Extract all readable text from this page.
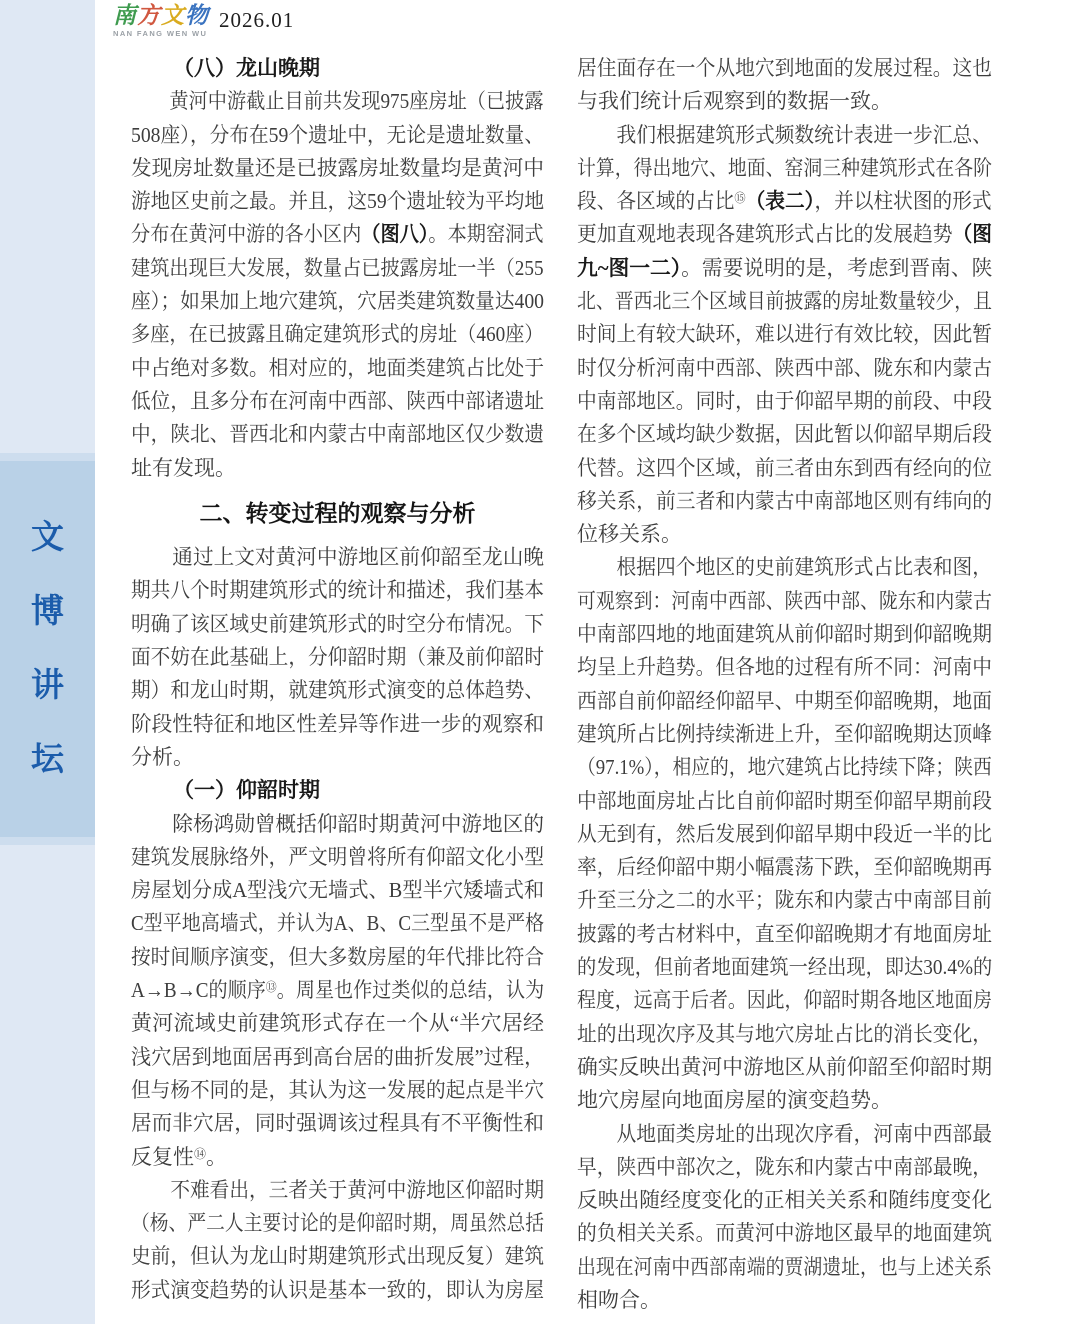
文
博
讲
坛
南方文物
NAN FANG WEN WU
2026.01
（八）龙山晚期
黄河中游截止目前共发现975座房址（已披露
508座），分布在59个遗址中，无论是遗址数量、
发现房址数量还是已披露房址数量均是黄河中
游地区史前之最。并且，这59个遗址较为平均地
分布在黄河中游的各小区内（图八）。本期窑洞式
建筑出现巨大发展，数量占已披露房址一半（255
座）；如果加上地穴建筑，穴居类建筑数量达400
多座，在已披露且确定建筑形式的房址（460座）
中占绝对多数。相对应的，地面类建筑占比处于
低位，且多分布在河南中西部、陕西中部诸遗址
中，陕北、晋西北和内蒙古中南部地区仅少数遗
址有发现。
二、转变过程的观察与分析
通过上文对黄河中游地区前仰韶至龙山晚
期共八个时期建筑形式的统计和描述，我们基本
明确了该区域史前建筑形式的时空分布情况。下
面不妨在此基础上，分仰韶时期（兼及前仰韶时
期）和龙山时期，就建筑形式演变的总体趋势、
阶段性特征和地区性差异等作进一步的观察和
分析。
（一）仰韶时期
除杨鸿勋曾概括仰韶时期黄河中游地区的
建筑发展脉络外，严文明曾将所有仰韶文化小型
房屋划分成A型浅穴无墙式、B型半穴矮墙式和
C型平地高墙式，并认为A、B、C三型虽不是严格
按时间顺序演变，但大多数房屋的年代排比符合
A→B→C的顺序⑬。周星也作过类似的总结，认为
黄河流域史前建筑形式存在一个从“半穴居经
浅穴居到地面居再到高台居的曲折发展”过程，
但与杨不同的是，其认为这一发展的起点是半穴
居而非穴居，同时强调该过程具有不平衡性和
反复性⑭。
不难看出，三者关于黄河中游地区仰韶时期
（杨、严二人主要讨论的是仰韶时期，周虽然总括
史前，但认为龙山时期建筑形式出现反复）建筑
形式演变趋势的认识是基本一致的，即认为房屋
居住面存在一个从地穴到地面的发展过程。这也
与我们统计后观察到的数据一致。
我们根据建筑形式频数统计表进一步汇总、
计算，得出地穴、地面、窑洞三种建筑形式在各阶
段、各区域的占比⑮（表二），并以柱状图的形式
更加直观地表现各建筑形式占比的发展趋势（图
九~图一二）。需要说明的是，考虑到晋南、陕
北、晋西北三个区域目前披露的房址数量较少，且
时间上有较大缺环，难以进行有效比较，因此暂
时仅分析河南中西部、陕西中部、陇东和内蒙古
中南部地区。同时，由于仰韶早期的前段、中段
在多个区域均缺少数据，因此暂以仰韶早期后段
代替。这四个区域，前三者由东到西有经向的位
移关系，前三者和内蒙古中南部地区则有纬向的
位移关系。
根据四个地区的史前建筑形式占比表和图，
可观察到：河南中西部、陕西中部、陇东和内蒙古
中南部四地的地面建筑从前仰韶时期到仰韶晚期
均呈上升趋势。但各地的过程有所不同：河南中
西部自前仰韶经仰韶早、中期至仰韶晚期，地面
建筑所占比例持续渐进上升，至仰韶晚期达顶峰
（97.1%），相应的，地穴建筑占比持续下降；陕西
中部地面房址占比自前仰韶时期至仰韶早期前段
从无到有，然后发展到仰韶早期中段近一半的比
率，后经仰韶中期小幅震荡下跌，至仰韶晚期再
升至三分之二的水平；陇东和内蒙古中南部目前
披露的考古材料中，直至仰韶晚期才有地面房址
的发现，但前者地面建筑一经出现，即达30.4%的
程度，远高于后者。因此，仰韶时期各地区地面房
址的出现次序及其与地穴房址占比的消长变化，
确实反映出黄河中游地区从前仰韶至仰韶时期
地穴房屋向地面房屋的演变趋势。
从地面类房址的出现次序看，河南中西部最
早，陕西中部次之，陇东和内蒙古中南部最晚，
反映出随经度变化的正相关关系和随纬度变化
的负相关关系。而黄河中游地区最早的地面建筑
出现在河南中西部南端的贾湖遗址，也与上述关系
相吻合。
